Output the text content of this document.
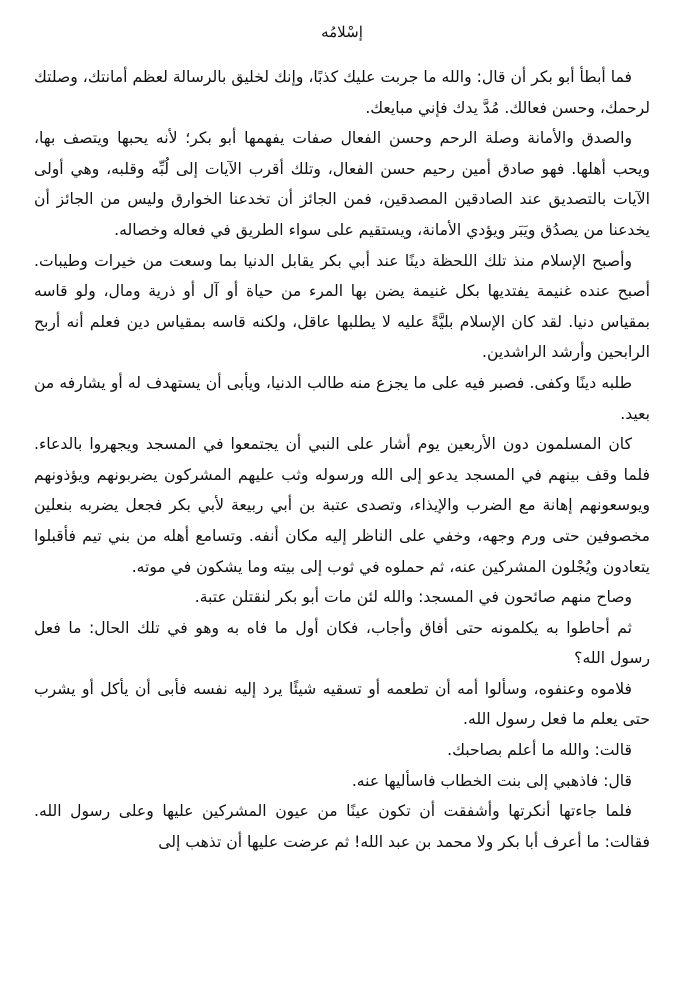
إسْلامُه

فما أبطأ أبو بكر أن قال: والله ما جربت عليك كذبًا، وإنك لخليق بالرسالة لعظم أمانتك، وصلتك لرحمك، وحسن فعالك. مُدَّ يدك فإني مبايعك.

والصدق والأمانة وصلة الرحم وحسن الفعال صفات يفهمها أبو بكر؛ لأنه يحبها ويتصف بها، ويحب أهلها. فهو صادق أمين رحيم حسن الفعال، وتلك أقرب الآيات إلى لُبِّه وقلبه، وهي أولى الآيات بالتصديق عند الصادقين المصدقين، فمن الجائز أن تخدعنا الخوارق وليس من الجائز أن يخدعنا من يصدُق ويَبَر ويؤدي الأمانة، ويستقيم على سواء الطريق في فعاله وخصاله.

وأصبح الإسلام منذ تلك اللحظة دينًا عند أبي بكر يقابل الدنيا بما وسعت من خيرات وطيبات. أصبح عنده غنيمة يفتديها بكل غنيمة يضن بها المرء من حياة أو آل أو ذرية ومال، ولو قاسه بمقياس دنيا. لقد كان الإسلام بليَّةً عليه لا يطلبها عاقل، ولكنه قاسه بمقياس دين فعلم أنه أربح الرابحين وأرشد الراشدين.

طلبه دينًا وكفى. فصبر فيه على ما يجزع منه طالب الدنيا، ويأبى أن يستهدف له أو يشارفه من بعيد.

كان المسلمون دون الأربعين يوم أشار على النبي أن يجتمعوا في المسجد ويجهروا بالدعاء. فلما وقف بينهم في المسجد يدعو إلى الله ورسوله وثب عليهم المشركون يضربونهم ويؤذونهم ويوسعونهم إهانة مع الضرب والإيذاء، وتصدى عتبة بن أبي ربيعة لأبي بكر فجعل يضربه بنعلين مخصوفين حتى ورم وجهه، وخفي على الناظر إليه مكان أنفه. وتسامع أهله من بني تيم فأقبلوا يتعادون ويُجْلون المشركين عنه، ثم حملوه في ثوب إلى بيته وما يشكون في موته.

وصاح منهم صائحون في المسجد: والله لئن مات أبو بكر لنقتلن عتبة.

ثم أحاطوا به يكلمونه حتى أفاق وأجاب، فكان أول ما فاه به وهو في تلك الحال: ما فعل رسول الله؟

فلاموه وعنفوه، وسألوا أمه أن تطعمه أو تسقيه شيئًا يرد إليه نفسه فأبى أن يأكل أو يشرب حتى يعلم ما فعل رسول الله.

قالت: والله ما أعلم بصاحبك.

قال: فاذهبي إلى بنت الخطاب فاسأليها عنه.

فلما جاءتها أنكرتها وأشفقت أن تكون عينًا من عيون المشركين عليها وعلى رسول الله. فقالت: ما أعرف أبا بكر ولا محمد بن عبد الله! ثم عرضت عليها أن تذهب إلى
